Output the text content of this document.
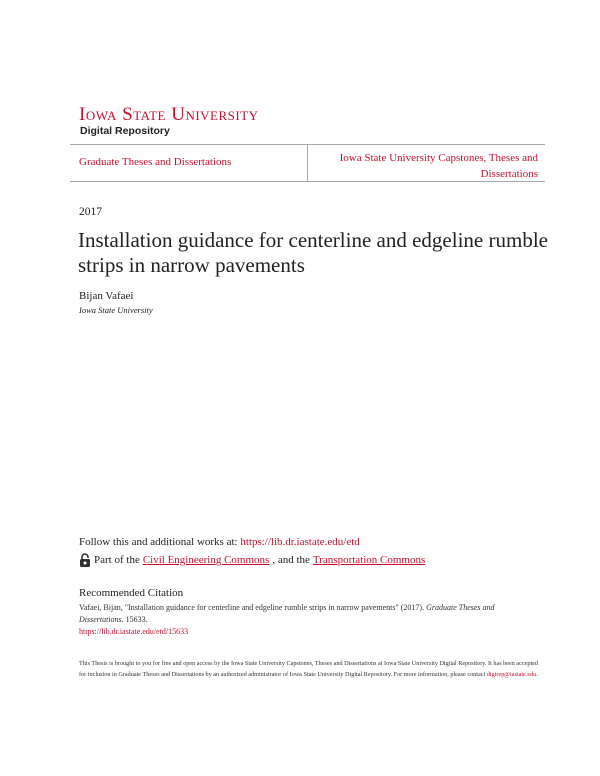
Iowa State University
Digital Repository
Graduate Theses and Dissertations	Iowa State University Capstones, Theses and Dissertations
2017
Installation guidance for centerline and edgeline rumble strips in narrow pavements
Bijan Vafaei
Iowa State University
Follow this and additional works at: https://lib.dr.iastate.edu/etd
Part of the Civil Engineering Commons , and the Transportation Commons
Recommended Citation
Vafaei, Bijan, "Installation guidance for centerline and edgeline rumble strips in narrow pavements" (2017). Graduate Theses and Dissertations. 15633.
https://lib.dr.iastate.edu/etd/15633
This Thesis is brought to you for free and open access by the Iowa State University Capstones, Theses and Dissertations at Iowa State University Digital Repository. It has been accepted for inclusion in Graduate Theses and Dissertations by an authorized administrator of Iowa State University Digital Repository. For more information, please contact digirep@iastate.edu.
